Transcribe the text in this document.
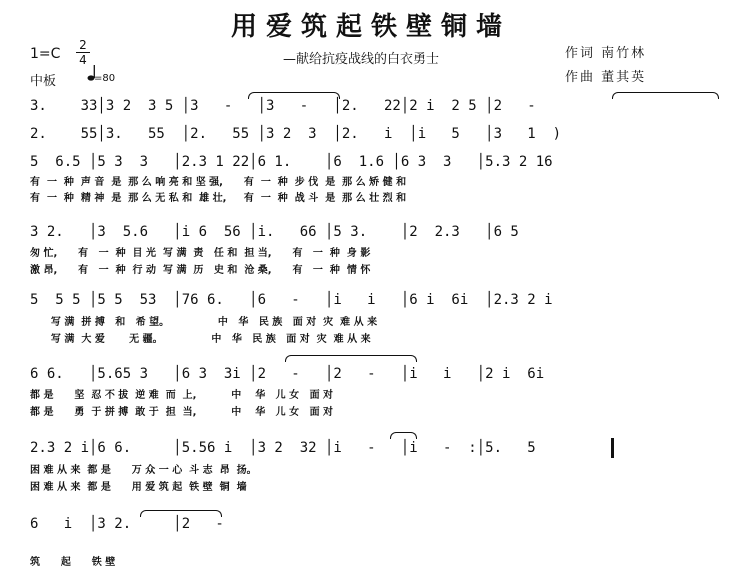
用爱筑起铁壁铜墙
—献给抗疫战线的白衣勇士	作词 南竹林
作曲 董其英
1=C
2
4
中板	=80
3.    33│3 2  3 5 │3   -   │3   -   │2.   22│2 i  2 5 │2   -
2.    55│3.   55  │2.   55 │3 2  3  │2.   i  │i   5   │3   1  )
5  6.5 │5 3  3   │2.3 1 22│6 1.    │6  1.6 │6 3  3   │5.3 2 16
有  一  种  声 音  是  那 么 响 亮 和 坚 强,      有  一  种  步 伐  是  那 么 矫 健 和
有  一  种  精 神  是  那 么 无 私 和  雄 壮,     有  一  种  战 斗  是  那 么 壮 烈 和
3 2.   │3  5.6   │i 6  56 │i.   66 │5 3.    │2  2.3   │6 5
匆 忙,      有   一  种  目 光  写 满  责   任 和  担 当,      有   一  种  身 影
激 昂,      有   一  种  行 动  写 满  历   史 和  沧 桑,      有   一  种  情 怀
5  5 5 │5 5  53  │76 6.   │6   -   │i   i   │6 i  6i  │2.3 2 i
写 满  拼 搏   和   希 望。              中   华   民 族   面 对  灾  难 从 来
写 满  大 爱       无 疆。              中   华   民 族   面 对  灾  难 从 来
6 6.   │5.65 3   │6 3  3i │2   -   │2   -   │i   i   │2 i  6i
都 是      坚  忍 不 拔  逆 难  而  上,          中    华   儿 女   面 对
都 是      勇  于 拼 搏  敢 于  担  当,          中    华   儿 女   面 对
2.3 2 i│6 6.     │5.56 i  │3 2  32 │i   -   │i   -  :│5.   5
困 难 从 来  都 是      万 众 一 心  斗 志  昂  扬。
困 难 从 来  都 是      用 爱 筑 起  铁 壁  铜  墙
6   i  │3 2.     │2   -
筑      起      铁 壁
